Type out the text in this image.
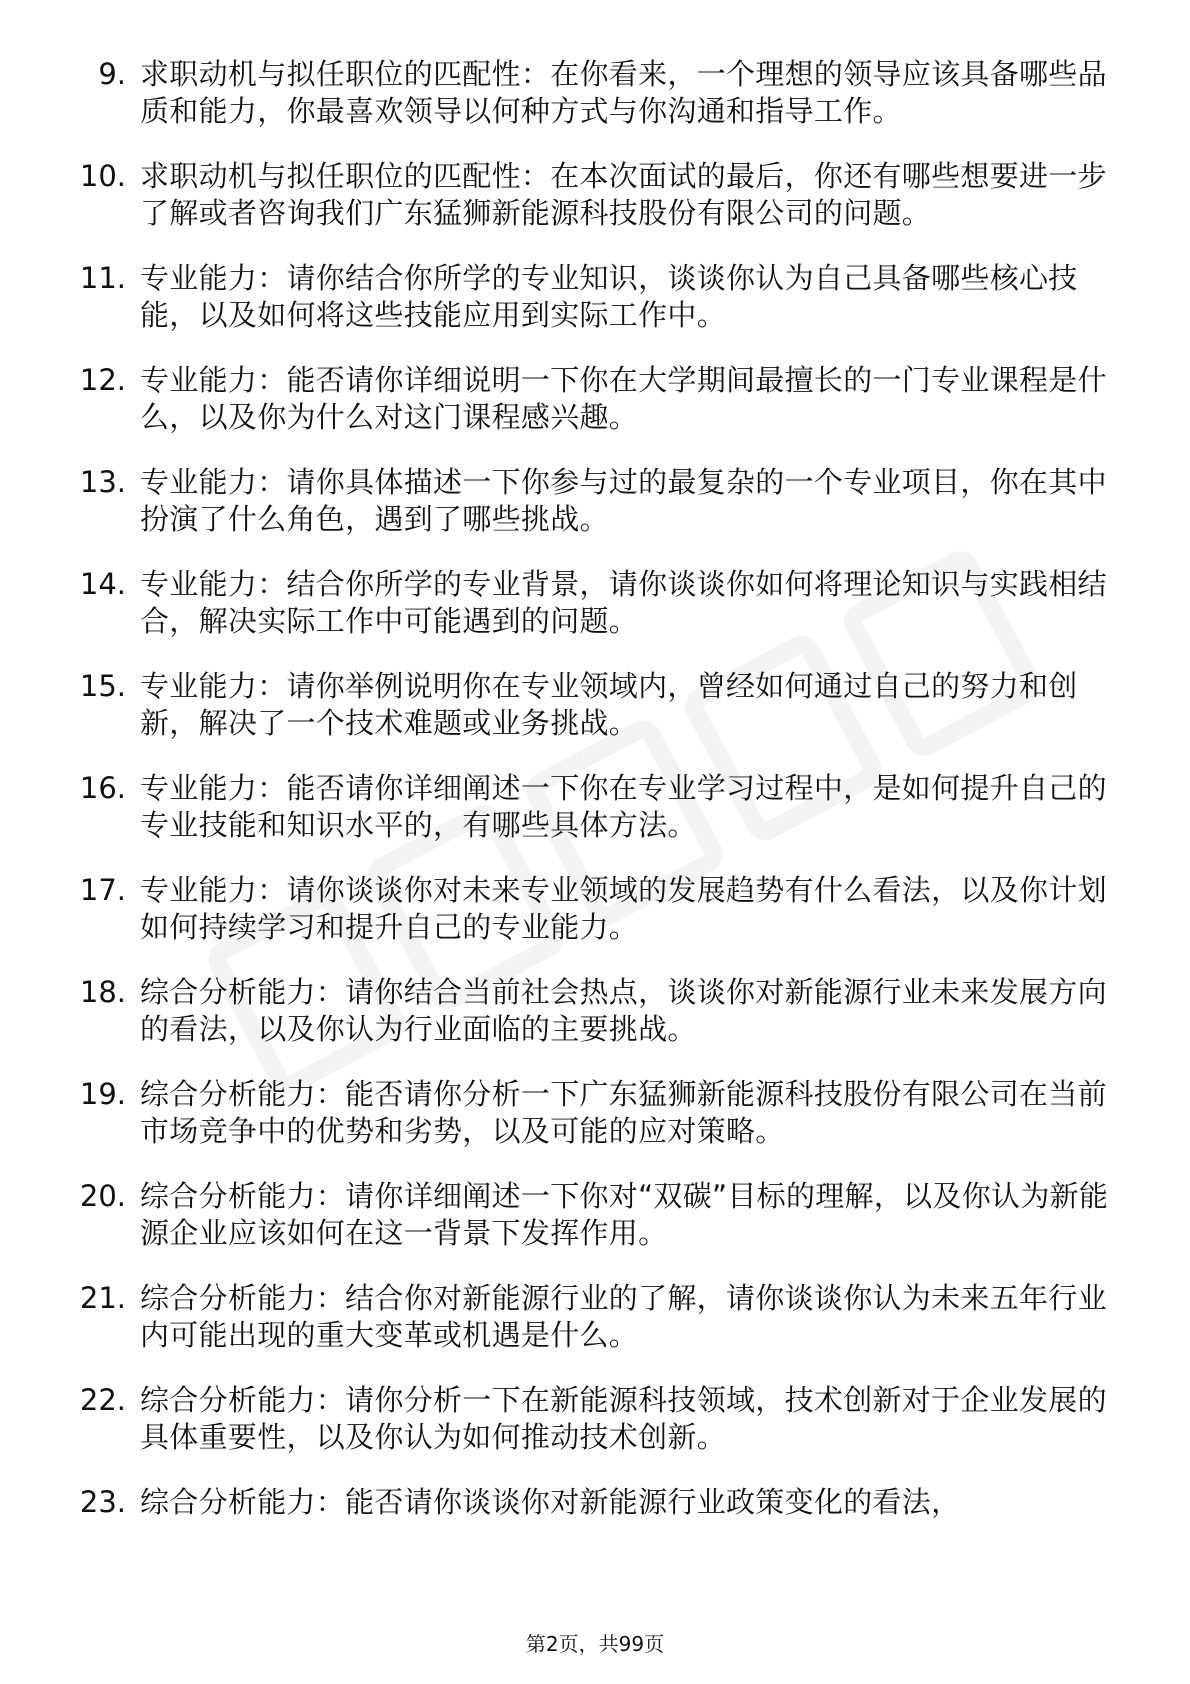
9. 求职动机与拟任职位的匹配性：在你看来，一个理想的领导应该具备哪些品质和能力，你最喜欢领导以何种方式与你沟通和指导工作。
10. 求职动机与拟任职位的匹配性：在本次面试的最后，你还有哪些想要进一步了解或者咨询我们广东猛狮新能源科技股份有限公司的问题。
11. 专业能力：请你结合你所学的专业知识，谈谈你认为自己具备哪些核心技能，以及如何将这些技能应用到实际工作中。
12. 专业能力：能否请你详细说明一下你在大学期间最擅长的一门专业课程是什么，以及你为什么对这门课程感兴趣。
13. 专业能力：请你具体描述一下你参与过的最复杂的一个专业项目，你在其中扮演了什么角色，遇到了哪些挑战。
14. 专业能力：结合你所学的专业背景，请你谈谈你如何将理论知识与实践相结合，解决实际工作中可能遇到的问题。
15. 专业能力：请你举例说明你在专业领域内，曾经如何通过自己的努力和创新，解决了一个技术难题或业务挑战。
16. 专业能力：能否请你详细阐述一下你在专业学习过程中，是如何提升自己的专业技能和知识水平的，有哪些具体方法。
17. 专业能力：请你谈谈你对未来专业领域的发展趋势有什么看法，以及你计划如何持续学习和提升自己的专业能力。
18. 综合分析能力：请你结合当前社会热点，谈谈你对新能源行业未来发展方向的看法，以及你认为行业面临的主要挑战。
19. 综合分析能力：能否请你分析一下广东猛狮新能源科技股份有限公司在当前市场竞争中的优势和劣势，以及可能的应对策略。
20. 综合分析能力：请你详细阐述一下你对“双碳”目标的理解，以及你认为新能源企业应该如何在这一背景下发挥作用。
21. 综合分析能力：结合你对新能源行业的了解，请你谈谈你认为未来五年行业内可能出现的重大变革或机遇是什么。
22. 综合分析能力：请你分析一下在新能源科技领域，技术创新对于企业发展的具体重要性，以及你认为如何推动技术创新。
23. 综合分析能力：能否请你谈谈你对新能源行业政策变化的看法，
第2页，共99页
